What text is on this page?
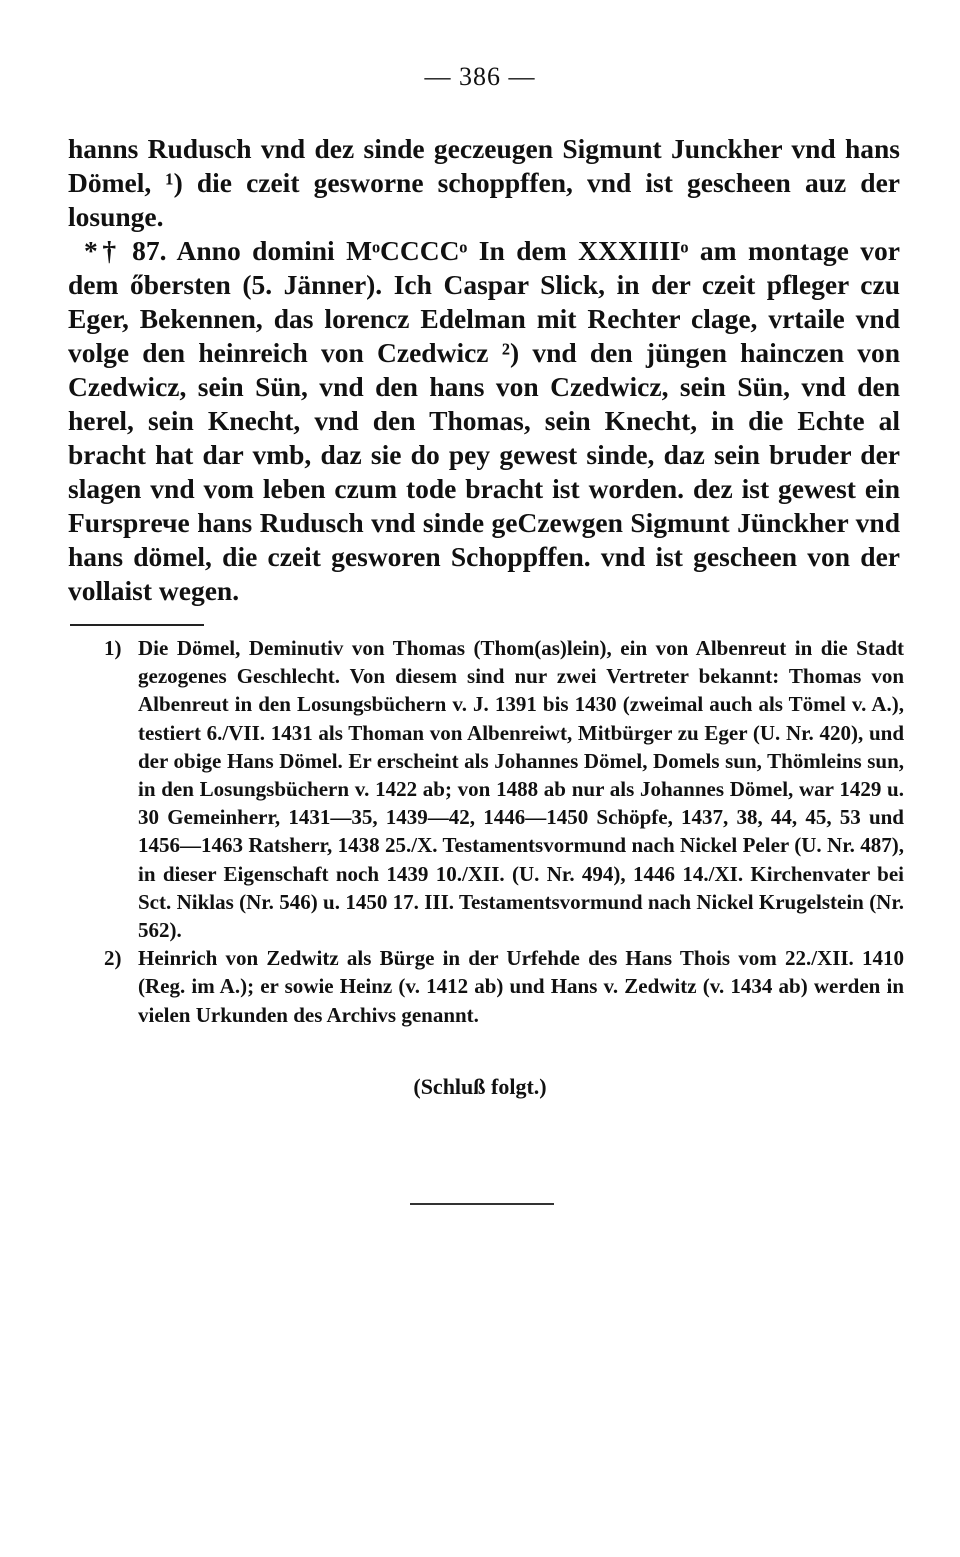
— 386 —

hanns Rudusch vnd dez sinde geczeugen Sigmunt Junckher vnd hans Dömel, ¹) die czeit gesworne schoppffen, vnd ist gescheen auz der losunge.

*† 87. Anno domini MᵒCCCCᵒ In dem XXXIIIIᵒ am montage vor dem őbersten (5. Jänner). Ich Caspar Slick, in der czeit pfleger czu Eger, Bekennen, das lorencz Edelman mit Rechter clage, vrtaile vnd volge den heinreich von Czedwicz ²) vnd den jüngen hainczen von Czedwicz, sein Sün, vnd den hans von Czedwicz, sein Sün, vnd den herel, sein Knecht, vnd den Thomas, sein Knecht, in die Echte al bracht hat dar vmb, daz sie do pey gewest sinde, daz sein bruder der slagen vnd vom leben czum tode bracht ist worden. dez ist gewest ein Fursprече hans Rudusch vnd sinde geCzewgen Sigmunt Jünckher vnd hans dömel, die czeit gesworen Schoppffen. vnd ist gescheen von der vollaist wegen.

1) Die Dömel, Deminutiv von Thomas (Thom(as)lein), ein von Albenreut in die Stadt gezogenes Geschlecht. Von diesem sind nur zwei Vertreter bekannt: Thomas von Albenreut in den Losungsbüchern v. J. 1391 bis 1430 (zweimal auch als Tömel v. A.), testiert 6./VII. 1431 als Thoman von Albenreiwt, Mitbürger zu Eger (U. Nr. 420), und der obige Hans Dömel. Er erscheint als Johannes Dömel, Domels sun, Thömleins sun, in den Losungsbüchern v. 1422 ab; von 1488 ab nur als Johannes Dömel, war 1429 u. 30 Gemeinherr, 1431—35, 1439—42, 1446—1450 Schöpfe, 1437, 38, 44, 45, 53 und 1456—1463 Ratsherr, 1438 25./X. Testamentsvormund nach Nickel Peler (U. Nr. 487), in dieser Eigenschaft noch 1439 10./XII. (U. Nr. 494), 1446 14./XI. Kirchenvater bei Sct. Niklas (Nr. 546) u. 1450 17. III. Testamentsvormund nach Nickel Krugelstein (Nr. 562).

2) Heinrich von Zedwitz als Bürge in der Urfehde des Hans Thois vom 22./XII. 1410 (Reg. im A.); er sowie Heinz (v. 1412 ab) und Hans v. Zedwitz (v. 1434 ab) werden in vielen Urkunden des Archivs genannt.

(Schluß folgt.)
